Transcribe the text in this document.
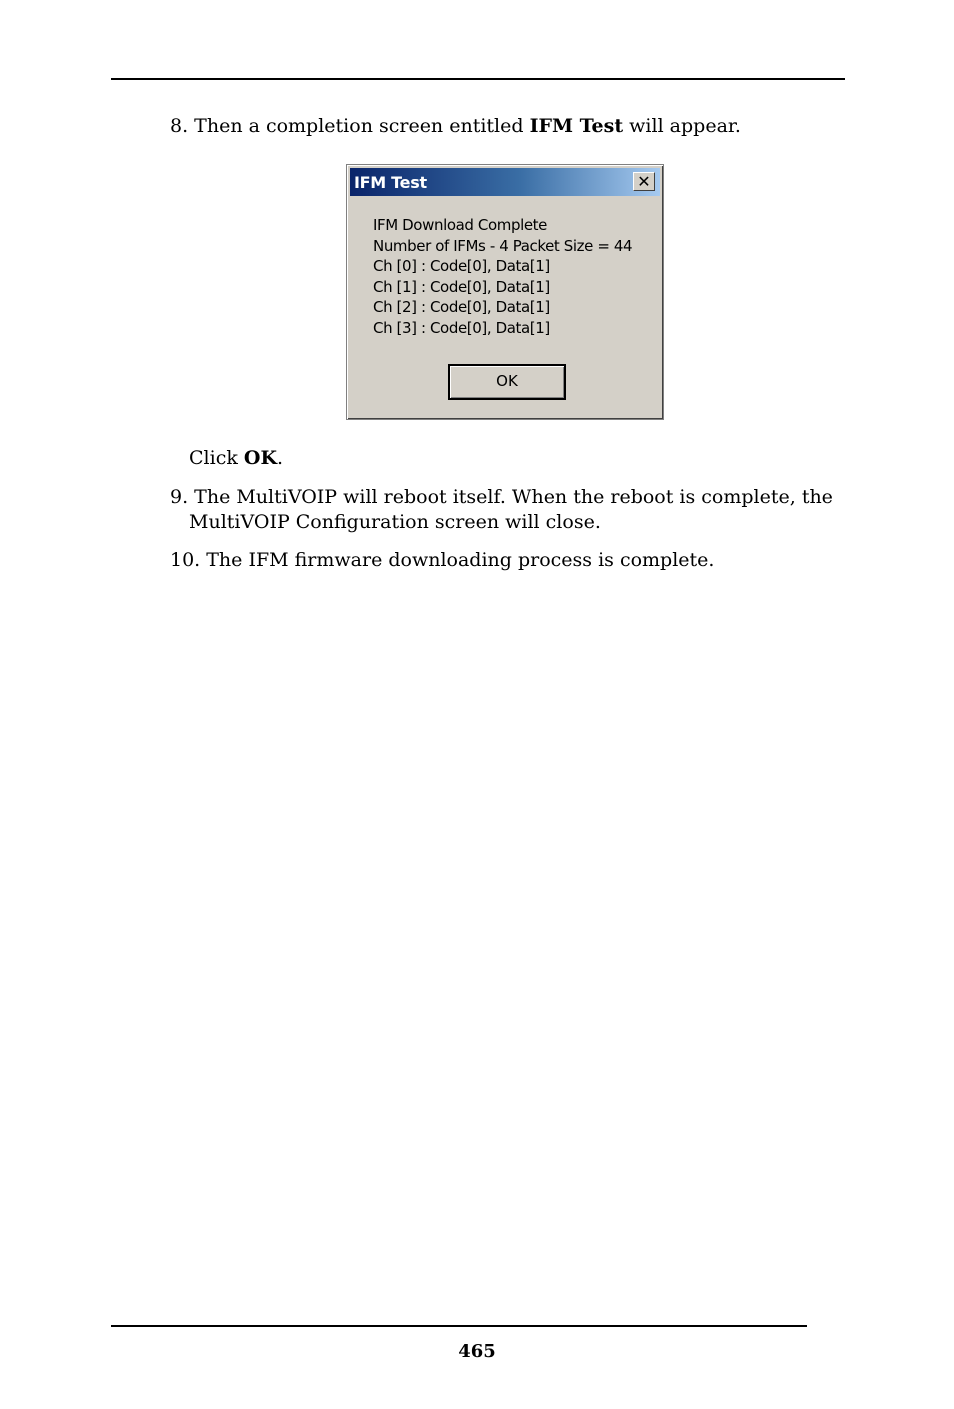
8. Then a completion screen entitled IFM Test will appear.
IFM Test	✕
IFM Download Complete
Number of IFMs - 4 Packet Size = 44
Ch [0] : Code[0], Data[1]
Ch [1] : Code[0], Data[1]
Ch [2] : Code[0], Data[1]
Ch [3] : Code[0], Data[1]
OK
Click OK.
9. The MultiVOIP will reboot itself. When the reboot is complete, the
MultiVOIP Configuration screen will close.
10. The IFM firmware downloading process is complete.
465
